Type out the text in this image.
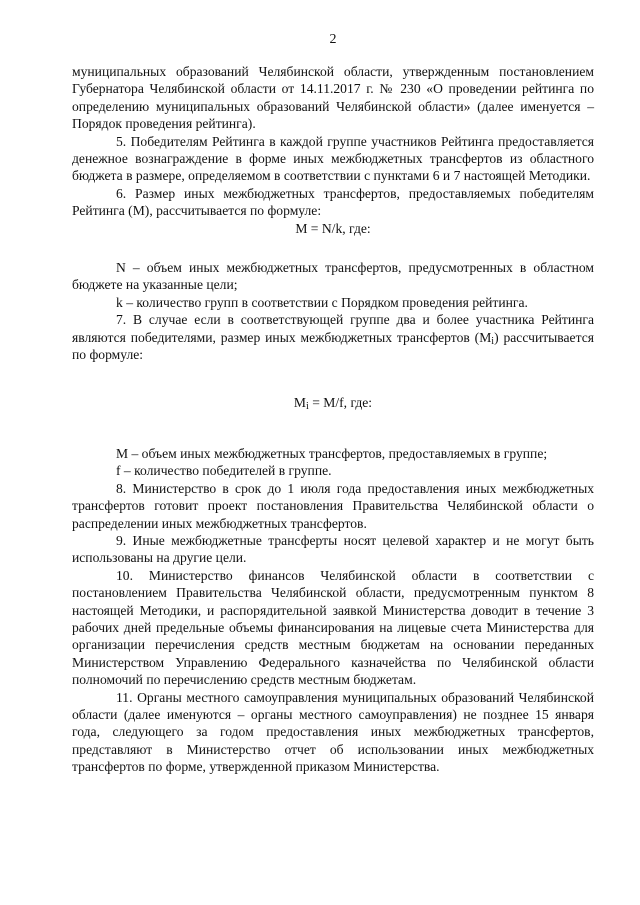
2

муниципальных образований Челябинской области, утвержденным постановлением Губернатора Челябинской области от 14.11.2017 г. № 230 «О проведении рейтинга по определению муниципальных образований Челябинской области» (далее именуется – Порядок проведения рейтинга).

5. Победителям Рейтинга в каждой группе участников Рейтинга предоставляется денежное вознаграждение в форме иных межбюджетных трансфертов из областного бюджета в размере, определяемом в соответствии с пунктами 6 и 7 настоящей Методики.

6. Размер иных межбюджетных трансфертов, предоставляемых победителям Рейтинга (М), рассчитывается по формуле:

М = N/k, где:

N – объем иных межбюджетных трансфертов, предусмотренных в областном бюджете на указанные цели;

k – количество групп в соответствии с Порядком проведения рейтинга.

7. В случае если в соответствующей группе два и более участника Рейтинга являются победителями, размер иных межбюджетных трансфертов $(М_i)$ рассчитывается по формуле:

$М_i = М/f$, где:

М – объем иных межбюджетных трансфертов, предоставляемых в группе;

f – количество победителей в группе.

8. Министерство в срок до 1 июля года предоставления иных межбюджетных трансфертов готовит проект постановления Правительства Челябинской области о распределении иных межбюджетных трансфертов.

9. Иные межбюджетные трансферты носят целевой характер и не могут быть использованы на другие цели.

10. Министерство финансов Челябинской области в соответствии с постановлением Правительства Челябинской области, предусмотренным пунктом 8 настоящей Методики, и распорядительной заявкой Министерства доводит в течение 3 рабочих дней предельные объемы финансирования на лицевые счета Министерства для организации перечисления средств местным бюджетам на основании переданных Министерством Управлению Федерального казначейства по Челябинской области полномочий по перечислению средств местным бюджетам.

11. Органы местного самоуправления муниципальных образований Челябинской области (далее именуются – органы местного самоуправления) не позднее 15 января года, следующего за годом предоставления иных межбюджетных трансфертов, представляют в Министерство отчет об использовании иных межбюджетных трансфертов по форме, утвержденной приказом Министерства.
